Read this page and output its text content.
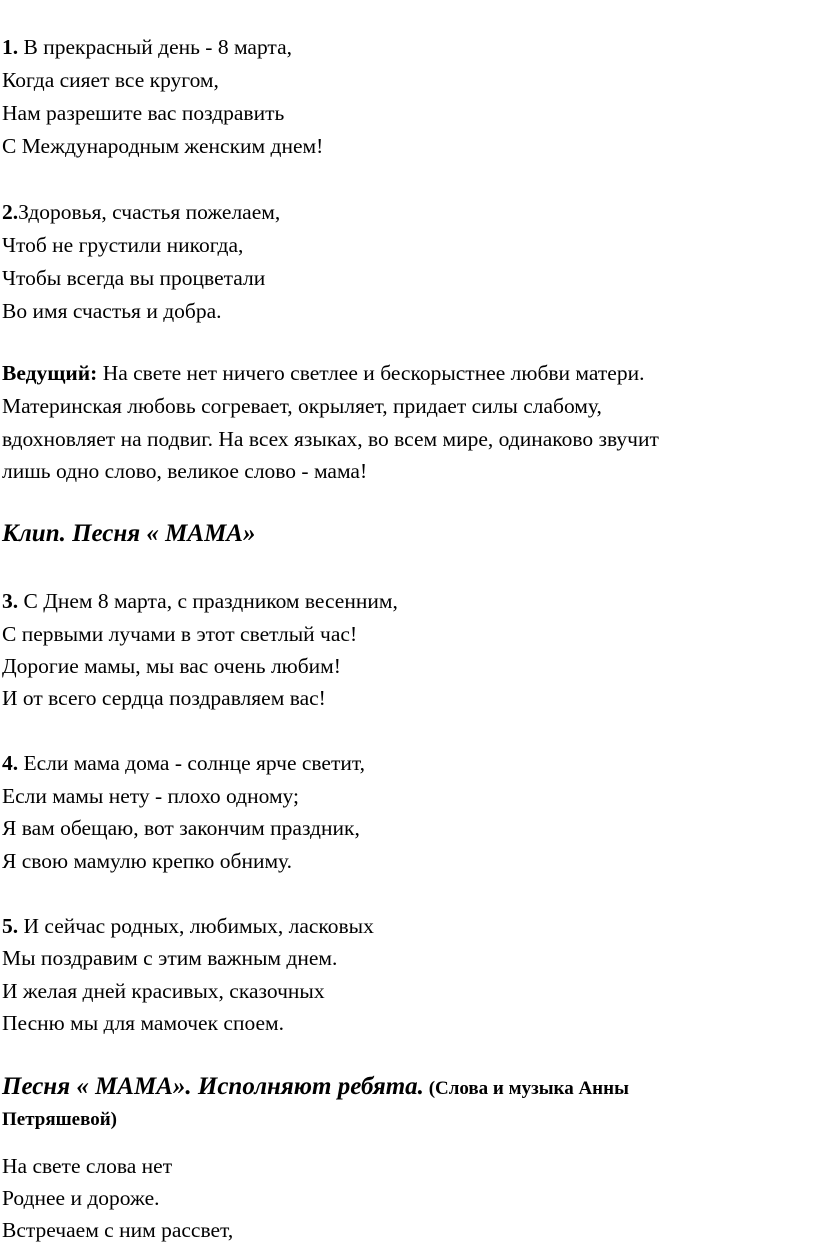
1. В прекрасный день - 8 марта,
Когда сияет все кругом,
Нам разрешите вас поздравить
С Международным женским днем!
2.Здоровья, счастья пожелаем,
Чтоб не грустили никогда,
Чтобы всегда вы процветали
Во имя счастья и добра.
Ведущий: На свете нет ничего светлее и бескорыстнее любви матери.
Материнская любовь согревает, окрыляет, придает силы слабому,
вдохновляет на подвиг. На всех языках, во всем мире, одинаково звучит
лишь одно слово, великое слово - мама!
Клип. Песня « МАМА»
3. С Днем 8 марта, с праздником весенним,
С первыми лучами в этот светлый час!
Дорогие мамы, мы вас очень любим!
И от всего сердца поздравляем вас!
4. Если мама дома - солнце ярче светит,
Если мамы нету - плохо одному;
Я вам обещаю, вот закончим праздник,
Я свою мамулю крепко обниму.
5. И сейчас родных, любимых, ласковых
Мы поздравим с этим важным днем.
И желая дней красивых, сказочных
Песню мы для мамочек споем.
Песня « МАМА». Исполняют ребята. (Слова и музыка Анны
Петряшевой)
На свете слова нет
Роднее и дороже.
Встречаем с ним рассвет,
